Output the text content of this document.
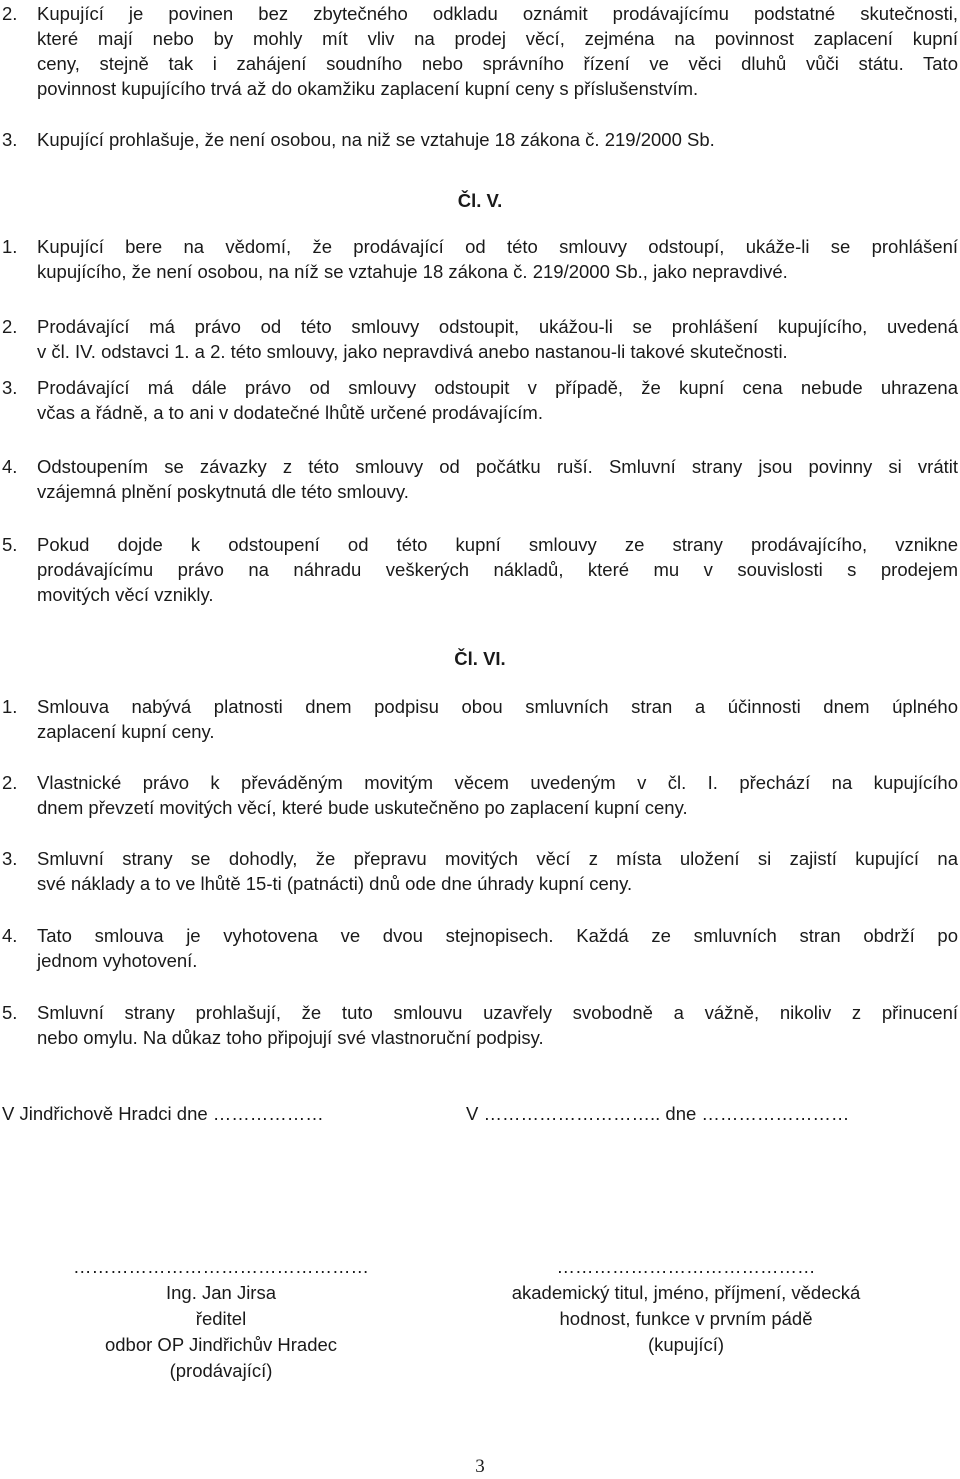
2. Kupující je povinen bez zbytečného odkladu oznámit prodávajícímu podstatné skutečnosti,
které mají nebo by mohly mít vliv na prodej věcí, zejména na povinnost zaplacení kupní
ceny, stejně tak i zahájení soudního nebo správního řízení ve věci dluhů vůči státu. Tato
povinnost kupujícího trvá až do okamžiku zaplacení kupní ceny s příslušenstvím.
3. Kupující prohlašuje, že není osobou, na niž se vztahuje 18 zákona č. 219/2000 Sb.
Čl. V.
1. Kupující bere na vědomí, že prodávající od této smlouvy odstoupí, ukáže-li se prohlášení
kupujícího, že není osobou, na níž se vztahuje 18 zákona č. 219/2000 Sb., jako nepravdivé.
2. Prodávající má právo od této smlouvy odstoupit, ukážou-li se prohlášení kupujícího, uvedená
v čl. IV. odstavci 1. a 2. této smlouvy, jako nepravdivá anebo nastanou-li takové skutečnosti.
3. Prodávající má dále právo od smlouvy odstoupit v případě, že kupní cena nebude uhrazena
včas a řádně, a to ani v dodatečné lhůtě určené prodávajícím.
4. Odstoupením se závazky z této smlouvy od počátku ruší. Smluvní strany jsou povinny si vrátit
vzájemná plnění poskytnutá dle této smlouvy.
5. Pokud dojde k odstoupení od této kupní smlouvy ze strany prodávajícího, vznikne
prodávajícímu právo na náhradu veškerých nákladů, které mu v souvislosti s prodejem
movitých věcí vznikly.
Čl. VI.
1. Smlouva nabývá platnosti dnem podpisu obou smluvních stran a účinnosti dnem úplného
zaplacení kupní ceny.
2. Vlastnické právo k převáděným movitým věcem uvedeným v čl. I. přechází na kupujícího
dnem převzetí movitých věcí, které bude uskutečněno po zaplacení kupní ceny.
3. Smluvní strany se dohodly, že přepravu movitých věcí z místa uložení si zajistí kupující na
své náklady a to ve lhůtě 15-ti (patnácti) dnů ode dne úhrady kupní ceny.
4. Tato smlouva je vyhotovena ve dvou stejnopisech. Každá ze smluvních stran obdrží po
jednom vyhotovení.
5. Smluvní strany prohlašují, že tuto smlouvu uzavřely svobodně a vážně, nikoliv z přinucení
nebo omylu. Na důkaz toho připojují své vlastnoruční podpisy.
V Jindřichově Hradci dne ………………	V ……………………….. dne ……………………
…………………………………………
Ing. Jan Jirsa
ředitel
odbor OP Jindřichův Hradec
(prodávající)
……………………………………
akademický titul, jméno, příjmení, vědecká
hodnost, funkce v prvním pádě
(kupující)
3
